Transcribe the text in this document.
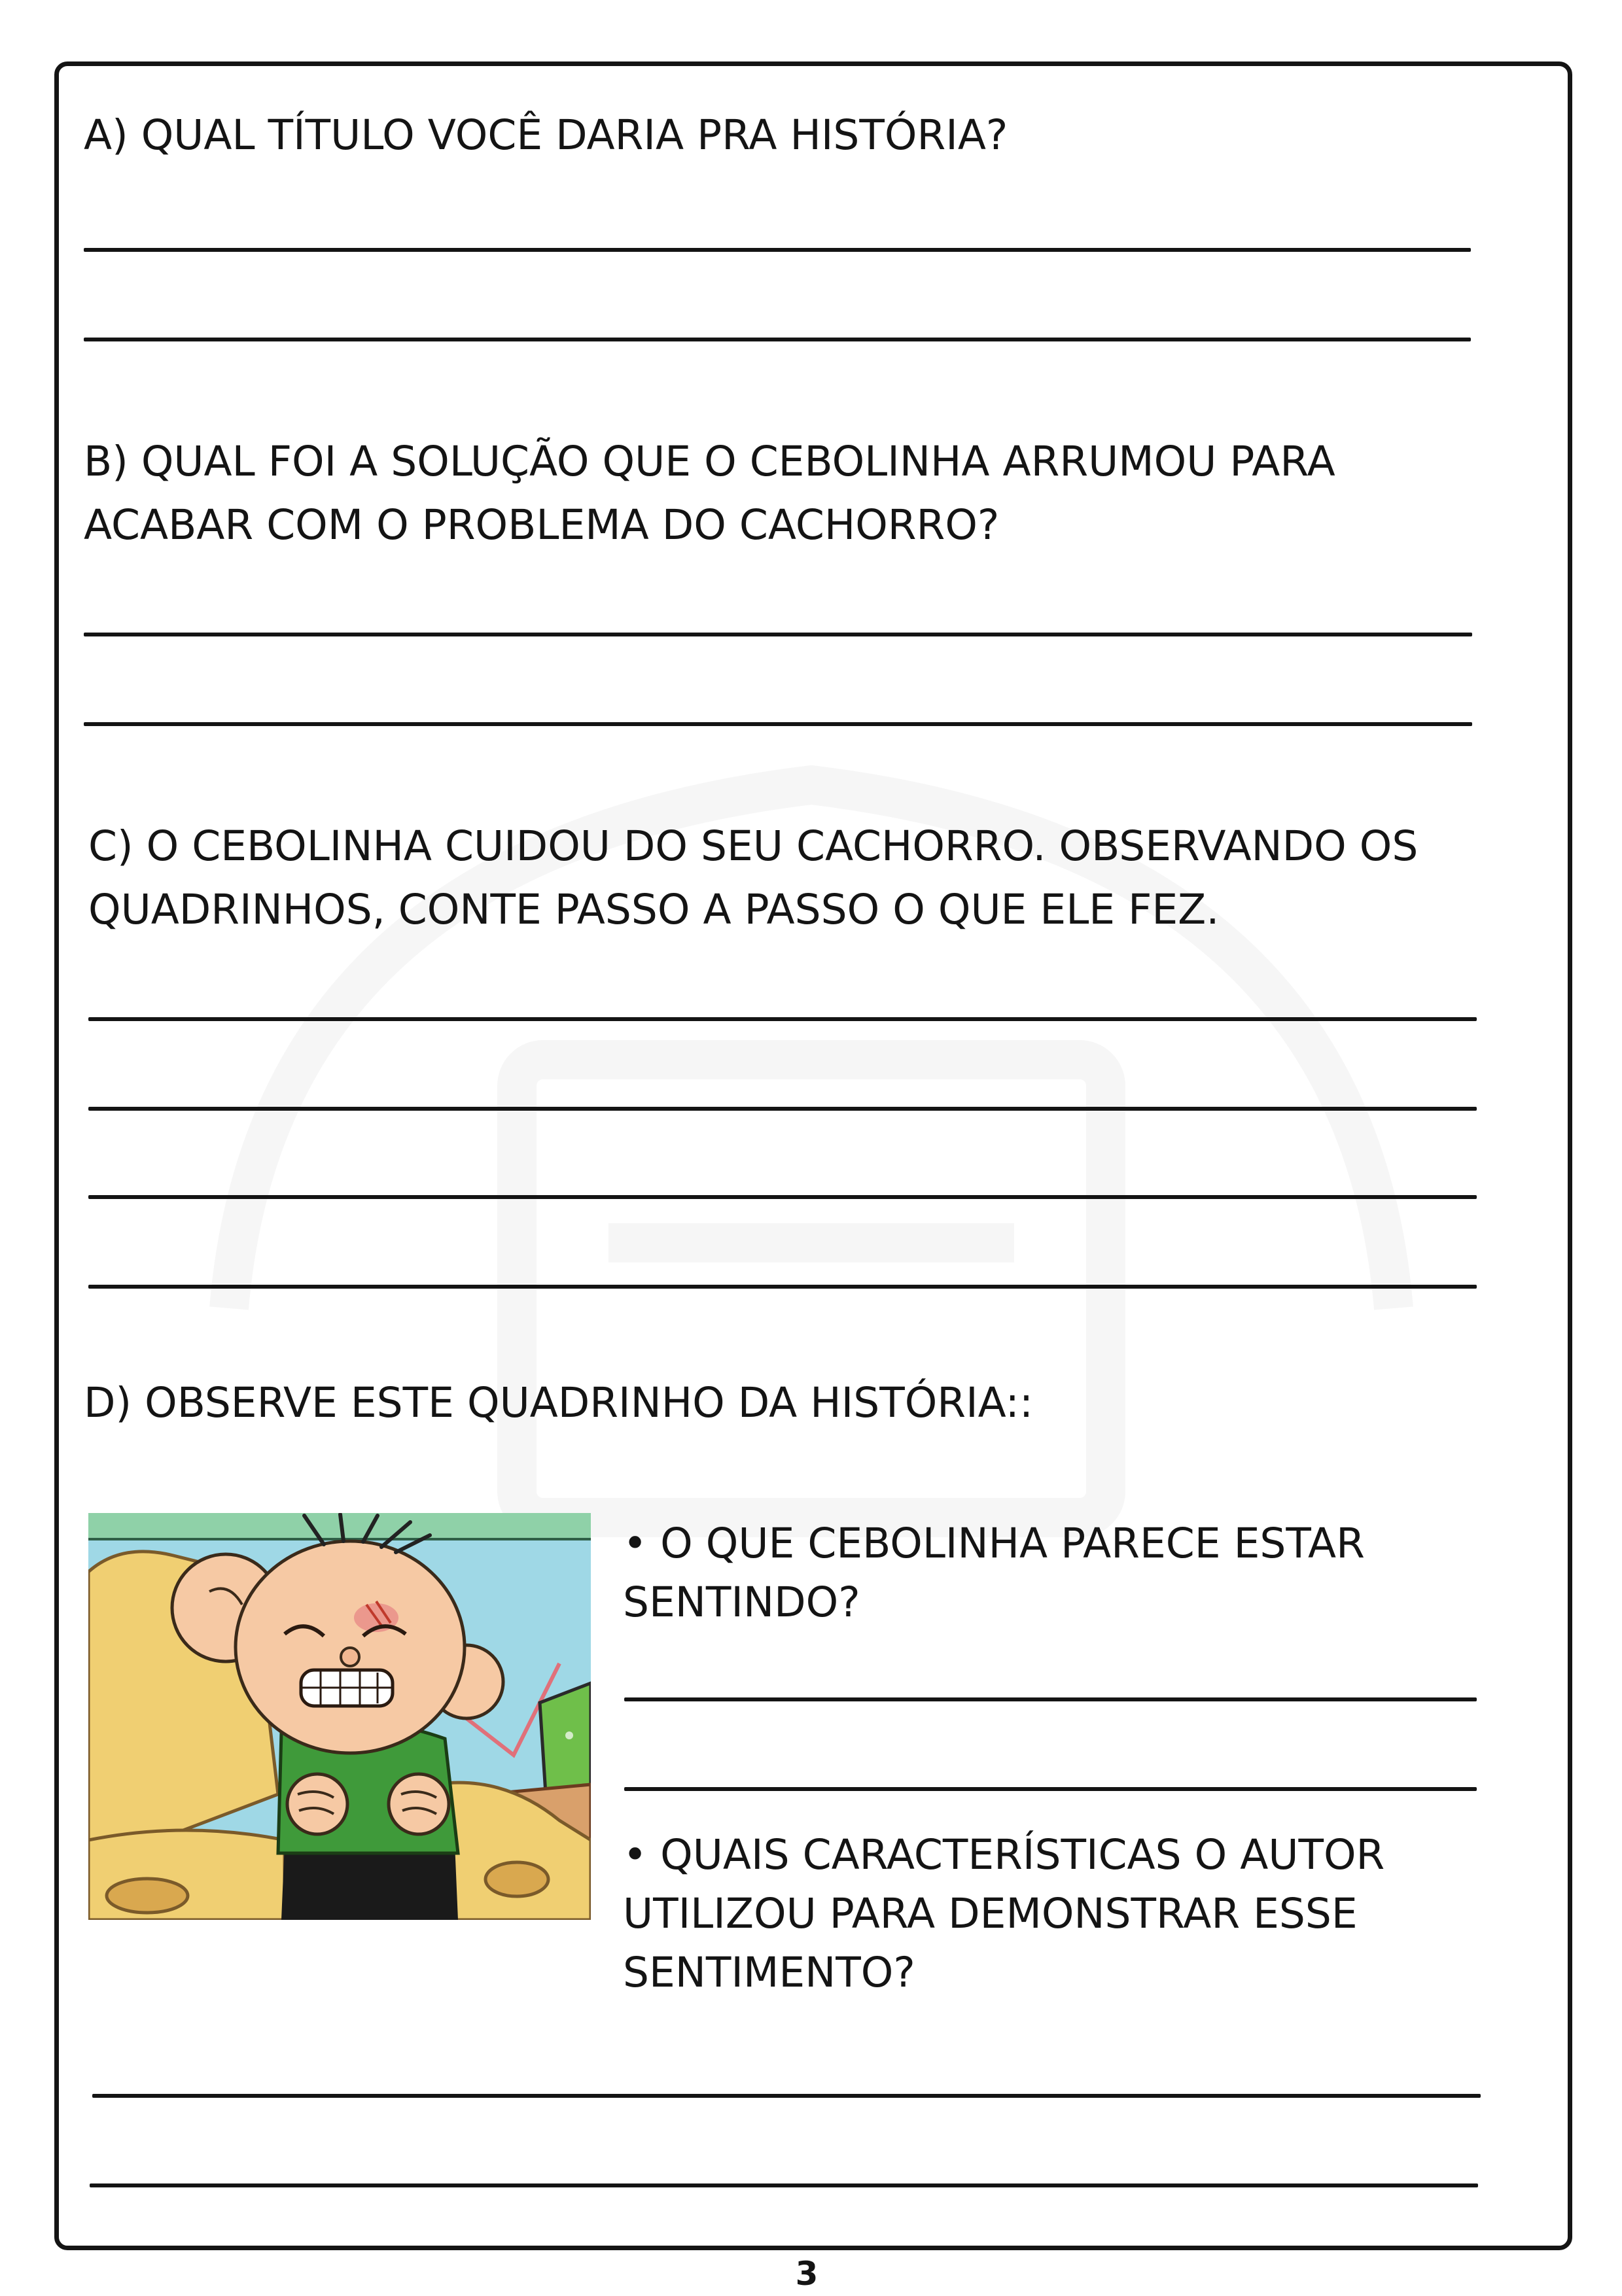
A) QUAL TÍTULO VOCÊ DARIA PRA HISTÓRIA?
B) QUAL FOI A SOLUÇÃO QUE O CEBOLINHA ARRUMOU PARA
ACABAR COM O PROBLEMA DO CACHORRO?
C) O CEBOLINHA CUIDOU DO SEU CACHORRO. OBSERVANDO OS
QUADRINHOS, CONTE PASSO A PASSO O QUE ELE FEZ.
D) OBSERVE ESTE QUADRINHO DA HISTÓRIA::
• O QUE CEBOLINHA PARECE ESTAR
SENTINDO?
• QUAIS CARACTERÍSTICAS O AUTOR
UTILIZOU PARA DEMONSTRAR ESSE
SENTIMENTO?
3
